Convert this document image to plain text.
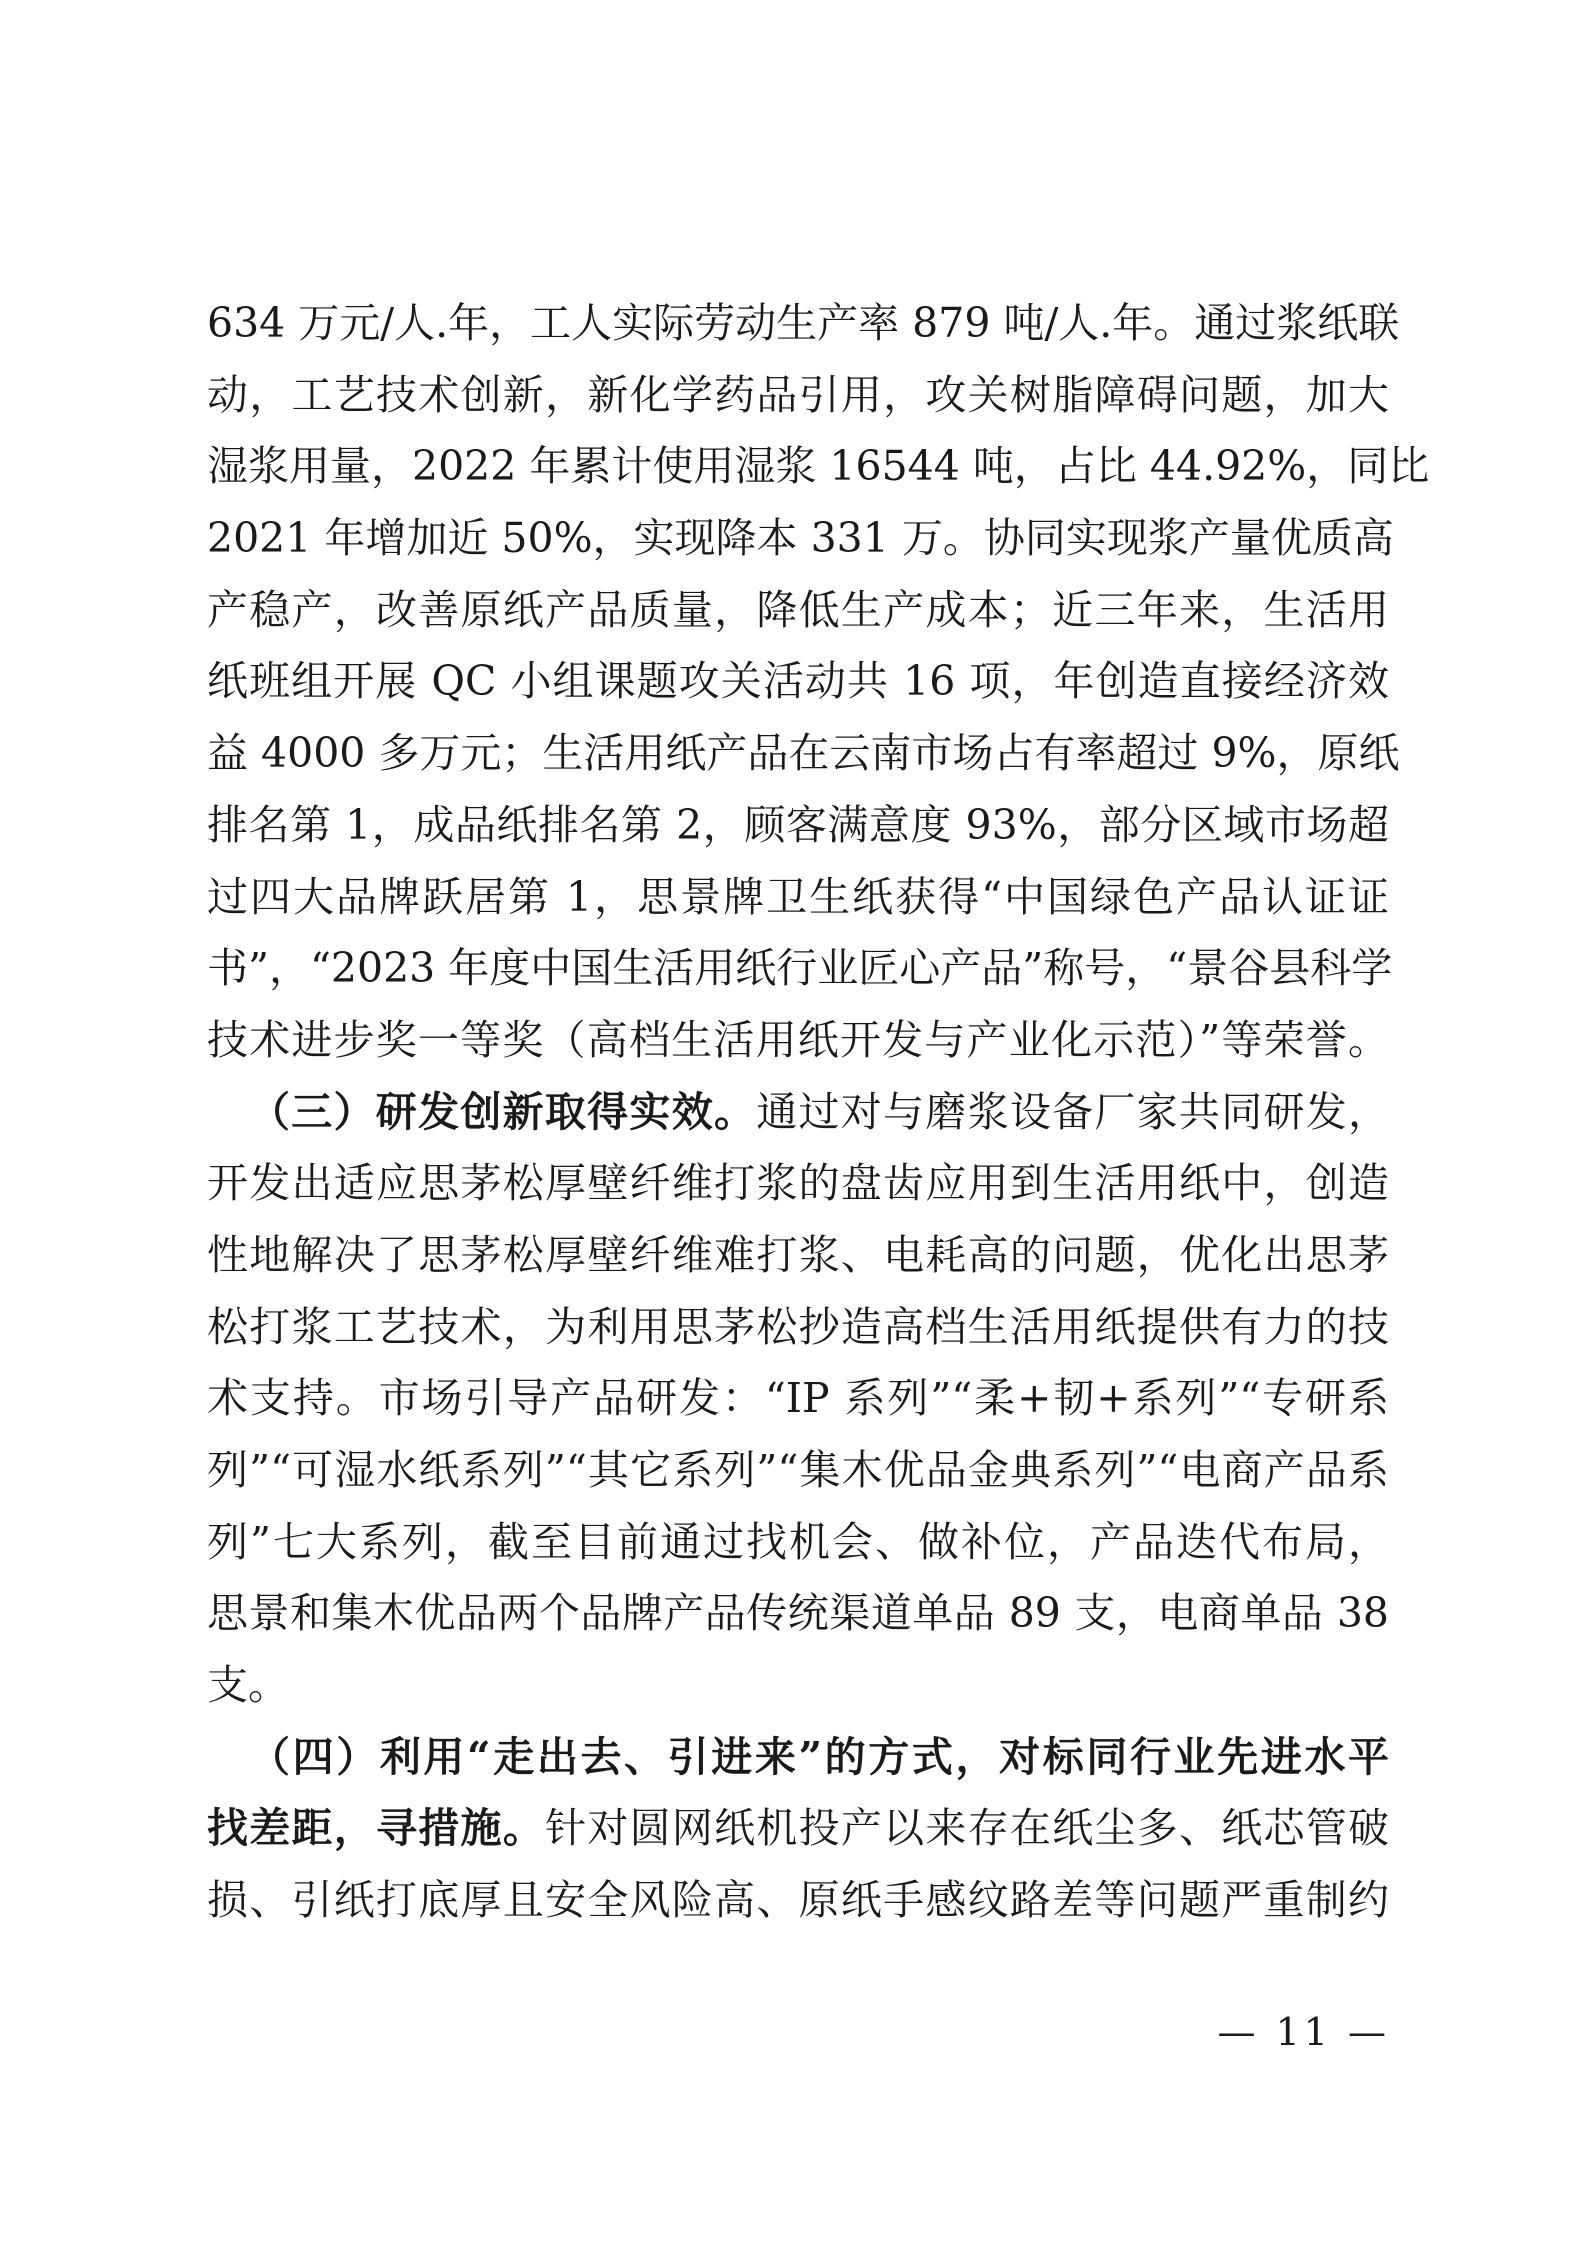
634 万元/人.年，工人实际劳动生产率 879 吨/人.年。通过浆纸联
动，工艺技术创新，新化学药品引用，攻关树脂障碍问题，加大
湿浆用量，2022 年累计使用湿浆 16544 吨，占比 44.92%，同比
2021 年增加近 50%，实现降本 331 万。协同实现浆产量优质高
产稳产，改善原纸产品质量，降低生产成本；近三年来，生活用
纸班组开展 QC 小组课题攻关活动共 16 项，年创造直接经济效
益 4000 多万元；生活用纸产品在云南市场占有率超过 9%，原纸
排名第 1，成品纸排名第 2，顾客满意度 93%，部分区域市场超
过四大品牌跃居第 1，思景牌卫生纸获得“中国绿色产品认证证
书”，“2023 年度中国生活用纸行业匠心产品”称号，“景谷县科学
技术进步奖一等奖（高档生活用纸开发与产业化示范）”等荣誉。
（三）研发创新取得实效。通过对与磨浆设备厂家共同研发，
开发出适应思茅松厚壁纤维打浆的盘齿应用到生活用纸中，创造
性地解决了思茅松厚壁纤维难打浆、电耗高的问题，优化出思茅
松打浆工艺技术，为利用思茅松抄造高档生活用纸提供有力的技
术支持。市场引导产品研发：“IP 系列”“柔+韧+系列”“专研系
列”“可湿水纸系列”“其它系列”“集木优品金典系列”“电商产品系
列”七大系列，截至目前通过找机会、做补位，产品迭代布局，
思景和集木优品两个品牌产品传统渠道单品 89 支，电商单品 38
支。
（四）利用“走出去、引进来”的方式，对标同行业先进水平
找差距，寻措施。针对圆网纸机投产以来存在纸尘多、纸芯管破
损、引纸打底厚且安全风险高、原纸手感纹路差等问题严重制约
— 11 —
